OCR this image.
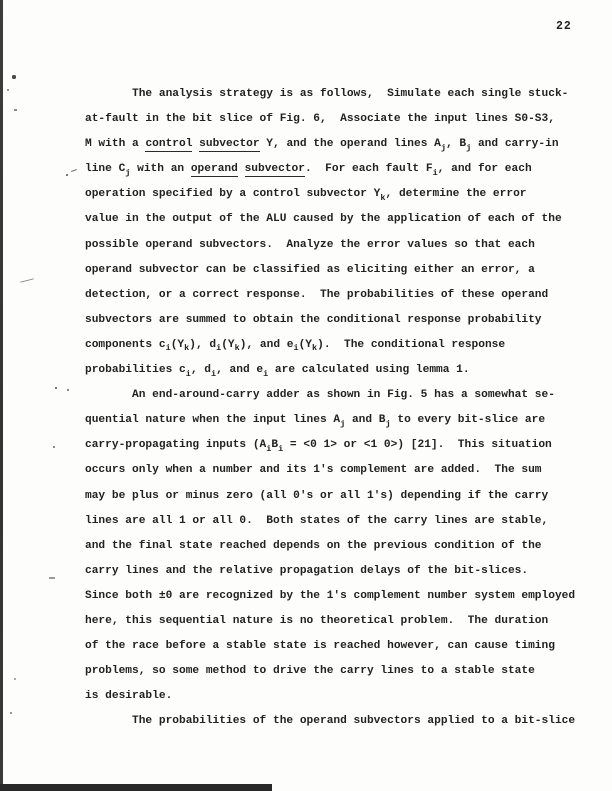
22
The analysis strategy is as follows,  Simulate each single stuck-
at-fault in the bit slice of Fig. 6,  Associate the input lines S0-S3,
M with a control subvector Y, and the operand lines $A_j$, $B_j$ and carry-in
line $C_j$ with an operand subvector.  For each fault $F_i$, and for each
operation specified by a control subvector $Y_k$, determine the error
value in the output of the ALU caused by the application of each of the
possible operand subvectors.  Analyze the error values so that each
operand subvector can be classified as eliciting either an error, a
detection, or a correct response.  The probabilities of these operand
subvectors are summed to obtain the conditional response probability
components $c_i(Y_k)$, $d_i(Y_k)$, and $e_i(Y_k)$.  The conditional response
probabilities $c_i$, $d_i$, and $e_i$ are calculated using lemma 1.
An end-around-carry adder as shown in Fig. 5 has a somewhat se-
quential nature when the input lines $A_j$ and $B_j$ to every bit-slice are
carry-propagating inputs ($A_iB_i = <0$ 1> or <1 0>) [21].  This situation
occurs only when a number and its 1's complement are added.  The sum
may be plus or minus zero (all 0's or all 1's) depending if the carry
lines are all 1 or all 0.  Both states of the carry lines are stable,
and the final state reached depends on the previous condition of the
carry lines and the relative propagation delays of the bit-slices.
Since both ±0 are recognized by the 1's complement number system employed
here, this sequential nature is no theoretical problem.  The duration
of the race before a stable state is reached however, can cause timing
problems, so some method to drive the carry lines to a stable state
is desirable.
The probabilities of the operand subvectors applied to a bit-slice
